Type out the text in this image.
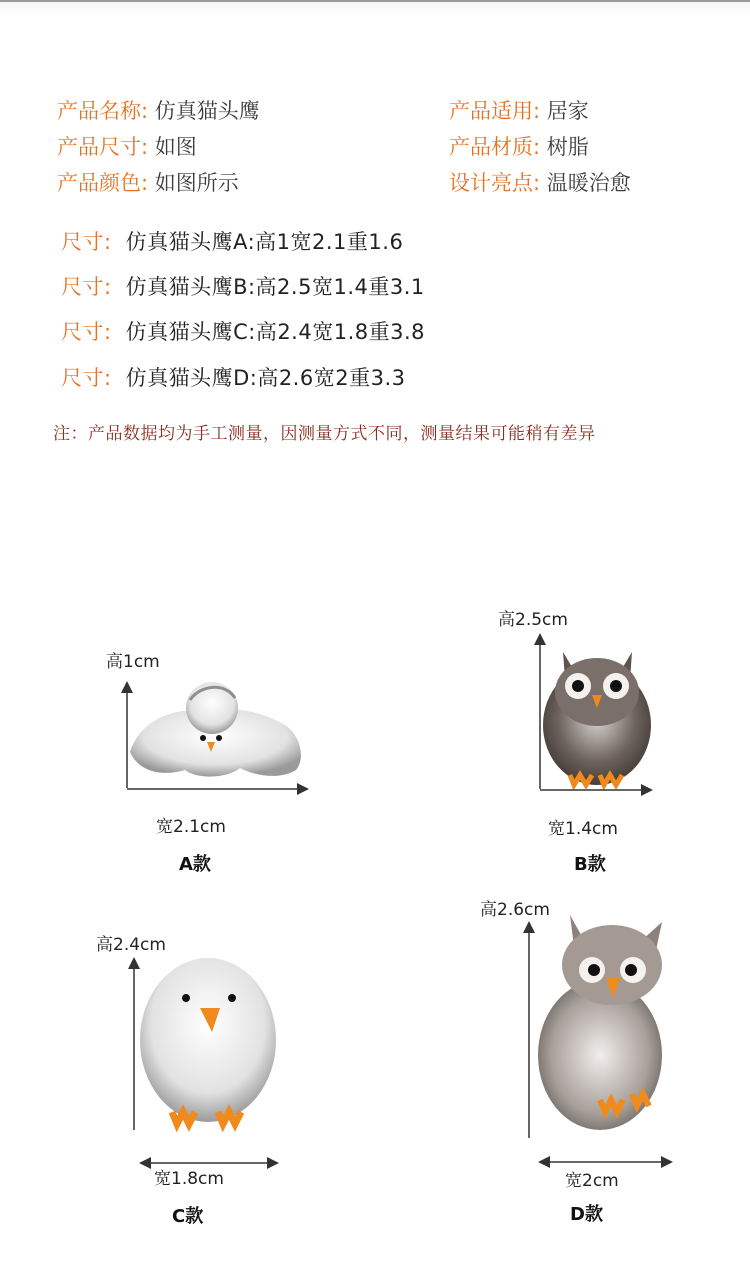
产品名称: 仿真猫头鹰	产品适用: 居家
产品尺寸: 如图	产品材质: 树脂
产品颜色: 如图所示	设计亮点: 温暖治愈
尺寸: 仿真猫头鹰A:高1宽2.1重1.6
尺寸: 仿真猫头鹰B:高2.5宽1.4重3.1
尺寸: 仿真猫头鹰C:高2.4宽1.8重3.8
尺寸: 仿真猫头鹰D:高2.6宽2重3.3
注：产品数据均为手工测量，因测量方式不同，测量结果可能稍有差异
高1cm
宽2.1cm
A款
高2.5cm
宽1.4cm
B款
高2.4cm
宽1.8cm
C款
高2.6cm
宽2cm
D款
